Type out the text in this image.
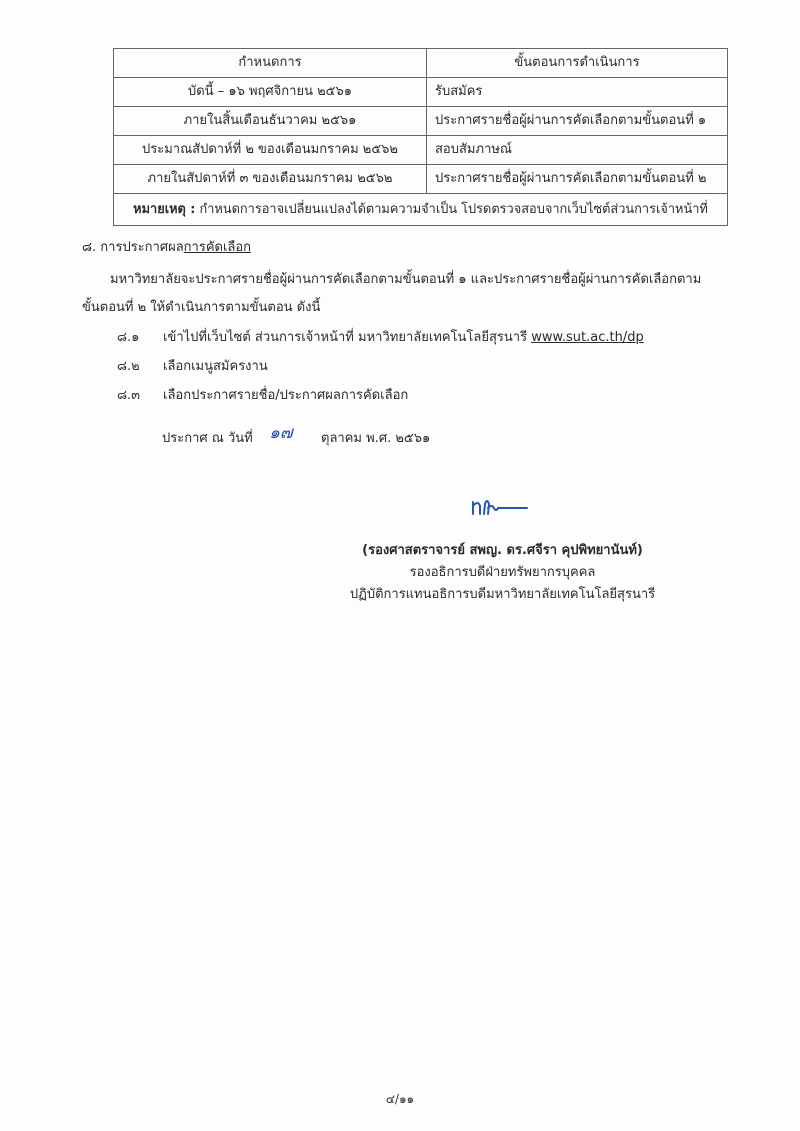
กำหนดการ	ขั้นตอนการดำเนินการ
บัดนี้ – ๑๖ พฤศจิกายน ๒๕๖๑	รับสมัคร
ภายในสิ้นเดือนธันวาคม ๒๕๖๑	ประกาศรายชื่อผู้ผ่านการคัดเลือกตามขั้นตอนที่ ๑
ประมาณสัปดาห์ที่ ๒ ของเดือนมกราคม ๒๕๖๒	สอบสัมภาษณ์
ภายในสัปดาห์ที่ ๓ ของเดือนมกราคม ๒๕๖๒	ประกาศรายชื่อผู้ผ่านการคัดเลือกตามขั้นตอนที่ ๒
หมายเหตุ : กำหนดการอาจเปลี่ยนแปลงได้ตามความจำเป็น โปรดตรวจสอบจากเว็บไซต์ส่วนการเจ้าหน้าที่	
๘. การประกาศผลการคัดเลือก
มหาวิทยาลัยจะประกาศรายชื่อผู้ผ่านการคัดเลือกตามขั้นตอนที่ ๑ และประกาศรายชื่อผู้ผ่านการคัดเลือกตาม
ขั้นตอนที่ ๒ ให้ดำเนินการตามขั้นตอน ดังนี้
๘.๑ เข้าไปที่เว็บไซต์ ส่วนการเจ้าหน้าที่ มหาวิทยาลัยเทคโนโลยีสุรนารี www.sut.ac.th/dp
๘.๒ เลือกเมนูสมัครงาน
๘.๓ เลือกประกาศรายชื่อ/ประกาศผลการคัดเลือก
ประกาศ ณ วันที่ ๑๗ ตุลาคม พ.ศ. ๒๕๖๑
(รองศาสตราจารย์ สพญ. ดร.ศจีรา คุปพิทยานันท์)
รองอธิการบดีฝ่ายทรัพยากรบุคคล
ปฏิบัติการแทนอธิการบดีมหาวิทยาลัยเทคโนโลยีสุรนารี
๔/๑๑
